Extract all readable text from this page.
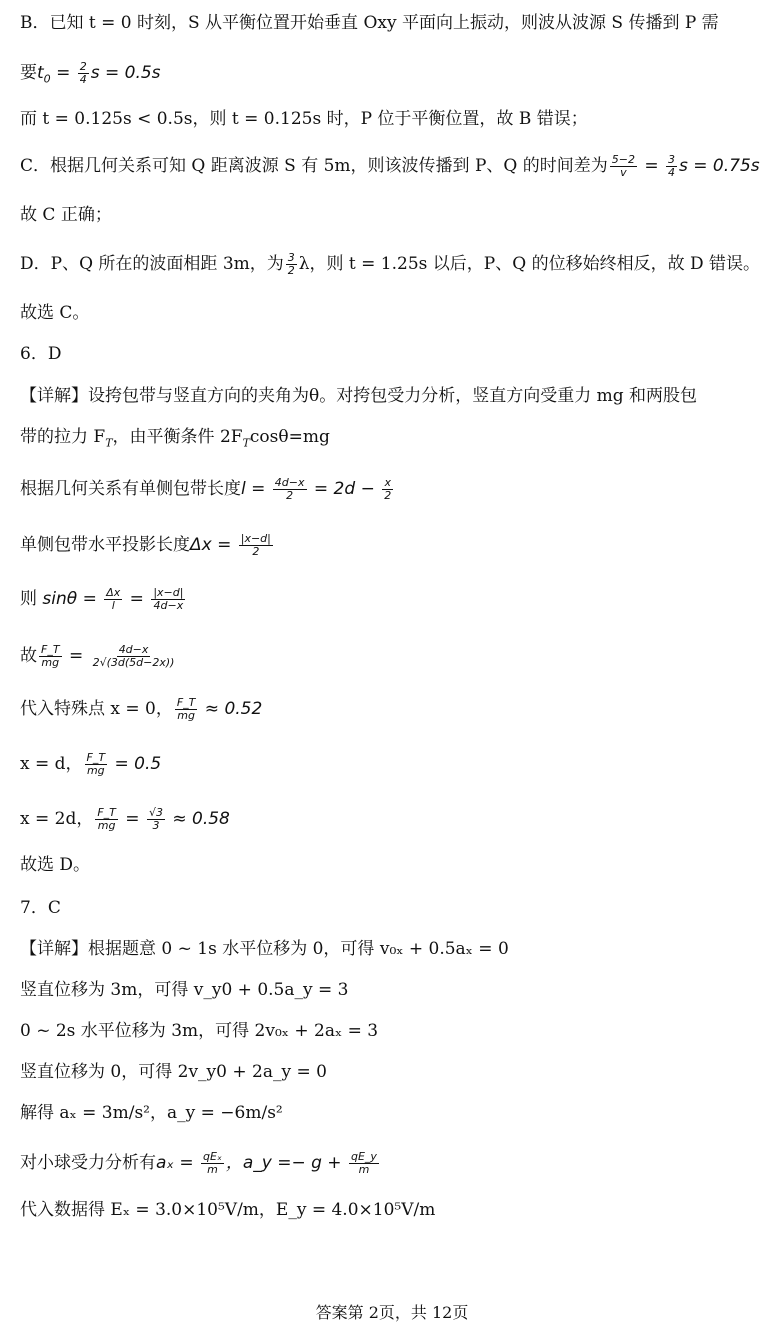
B．已知 t = 0 时刻，S 从平衡位置开始垂直 Oxy 平面向上振动，则波从波源 S 传播到 P 需
要$t_0 = \frac{2}{4}$ s = 0.5s
而 t = 0.125s < 0.5s，则 t = 0.125s 时，P 位于平衡位置，故 B 错误；
C．根据几何关系可知 Q 距离波源 S 有 5m，则该波传播到 P、Q 的时间差为 $\frac{5-2}{v} = \frac{3}{4}$ s = 0.75s
故 C 正确；
D．P、Q 所在的波面相距 3m，为 $\frac{3}{2}$ λ，则 t = 1.25s 以后，P、Q 的位移始终相反，故 D 错误。
故选 C。
6．D
【详解】设挎包带与竖直方向的夹角为θ。对挎包受力分析，竖直方向受重力 mg 和两股包
带的拉力 $F_T$，由平衡条件 $2F_T\cos\theta=mg$
根据几何关系有单侧包带长度$l = \frac{4d-x}{2} = 2d - \frac{x}{2}$
单侧包带水平投影长度$\Delta x = \frac{|x-d|}{2}$
则 $\sin\theta = \frac{\Delta x}{l} = \frac{|x-d|}{4d-x}$
故 $\frac{F\_T}{mg} = \frac{4d-x}{2√(3d(5d-2x))}$
代入特殊点 x = 0， $\frac{F\_T}{mg} \approx 0.52$
x = d， $\frac{F\_T}{mg} = 0.5$
x = 2d， $\frac{F\_T}{mg} = \frac{√3}{3} \approx 0.58$
故选 D。
7．C
【详解】根据题意 0 ~ 1s 水平位移为 0，可得 v₀ₓ + 0.5aₓ = 0
竖直位移为 3m，可得 v_y0 + 0.5a_y = 3
0 ~ 2s 水平位移为 3m，可得 2v₀ₓ + 2aₓ = 3
竖直位移为 0，可得 2v_y0 + 2a_y = 0
解得 aₓ = 3m/s²，a_y = −6m/s²
对小球受力分析有$a_x = \frac{\text{qEₓ}}{m}$ ，a_y =− $g + \frac{qE\_y}{m}$
代入数据得 Eₓ = 3.0×10⁵V/m，E_y = 4.0×10⁵V/m
答案第 2页，共 12页
